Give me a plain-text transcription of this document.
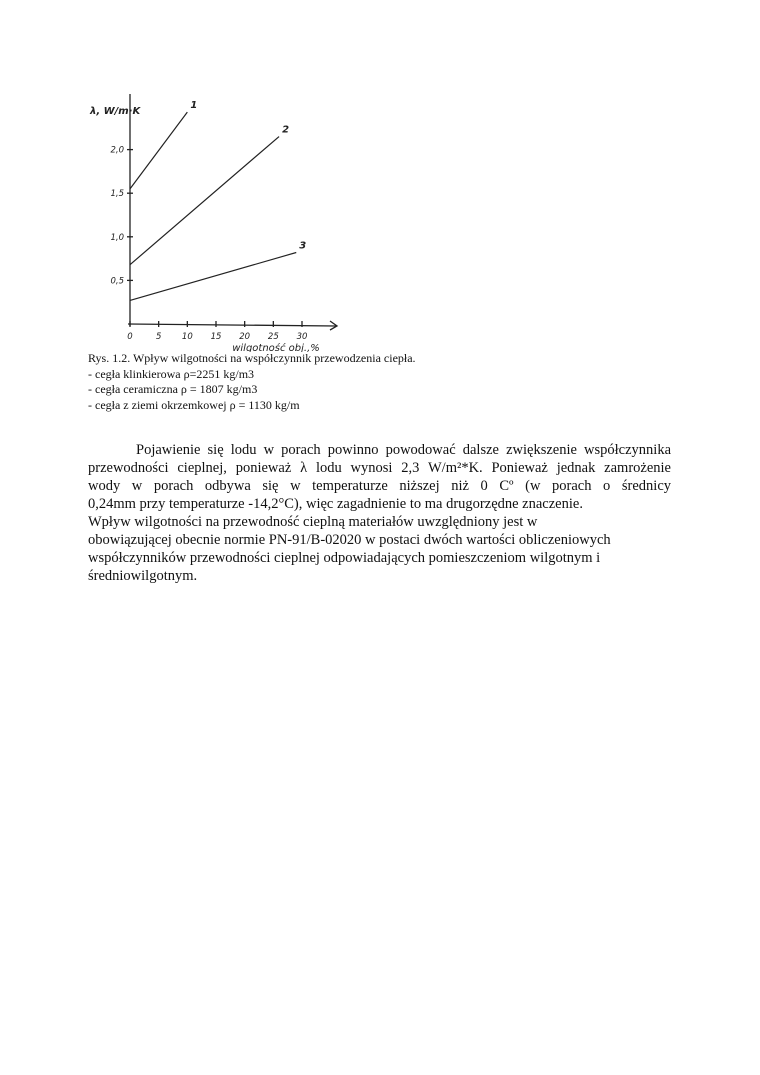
0	5 10 15 20 25 30
0,5
1,0
1,5
2,0
1
2
3
λ, W/m·K
wilgotność obj.,%
Rys. 1.2. Wpływ wilgotności na współczynnik przewodzenia ciepła.
- cegła klinkierowa ρ=2251 kg/m3
- cegła ceramiczna ρ = 1807 kg/m3
- cegła z ziemi okrzemkowej ρ = 1130 kg/m
Pojawienie się lodu w porach powinno powodować dalsze zwiększenie współczynnika
przewodności cieplnej, ponieważ λ lodu wynosi 2,3 W/m²*K. Ponieważ jednak zamrożenie
wody w porach odbywa się w temperaturze niższej niż 0 Cº (w porach o średnicy
0,24mm przy temperaturze -14,2°C), więc zagadnienie to ma drugorzędne znaczenie.
Wpływ wilgotności na przewodność cieplną materiałów uwzględniony jest w
obowiązującej obecnie normie PN-91/B-02020 w postaci dwóch wartości obliczeniowych
współczynników przewodności cieplnej odpowiadających pomieszczeniom wilgotnym i
średniowilgotnym.
